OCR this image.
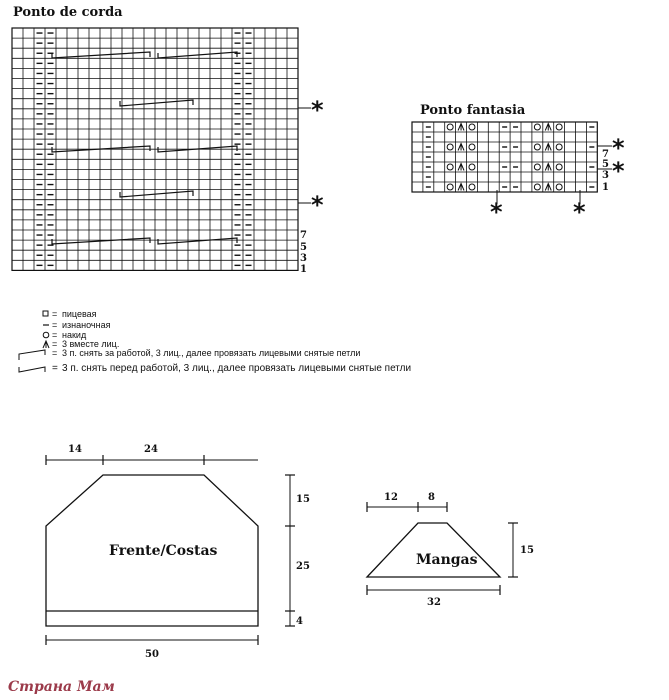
Ponto de corda
7
5
3
1
*
*
Ponto fantasia
7
5
3
1
*
*
*	*
= пицевая
= изнаночная
= накид
= 3 вместе лиц.
= 3 п. снять за работой, 3 лиц., далее провязать лицевыми снятые петли
= 3 п. снять перед работой, 3 лиц., далее провязать лицевыми снятые петли
Frente/Costas
14	24
15
25
4
50
Mangas
12	8
15
32
Страна Мам
